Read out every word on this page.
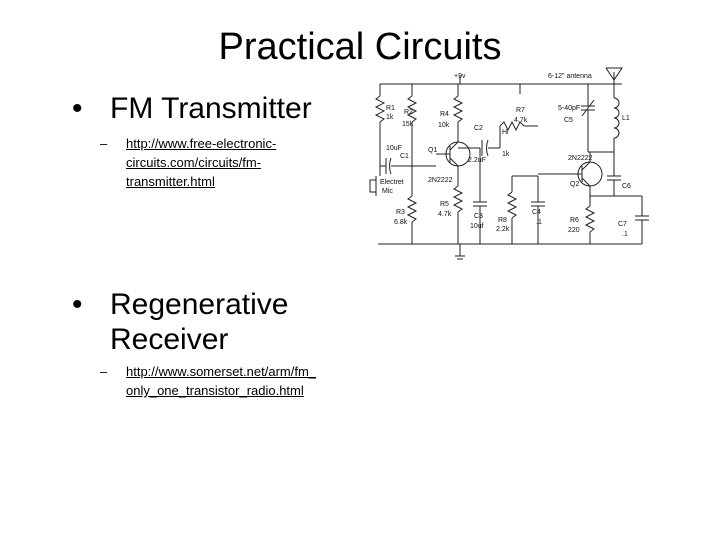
Practical Circuits
• FM Transmitter
– http://www.free-electronic-
circuits.com/circuits/fm-
transmitter.html
• Regenerative
Receiver
– http://www.somerset.net/arm/fm_
only_one_transistor_radio.html
+9v	6-12" antenna
R1
1k
R2
15k
R4
10k
R7
4.7k
5-40pF
C5	L1
C2
Hi
1k
10uF
C1
Q1
2.2uF	2N2222
Q2
2N2222
Electret
Mic
C6
R3
6.8k
R5
4.7k	C3
10uf
R8
2.2k
C4
.1	R6
220
C7
.1
